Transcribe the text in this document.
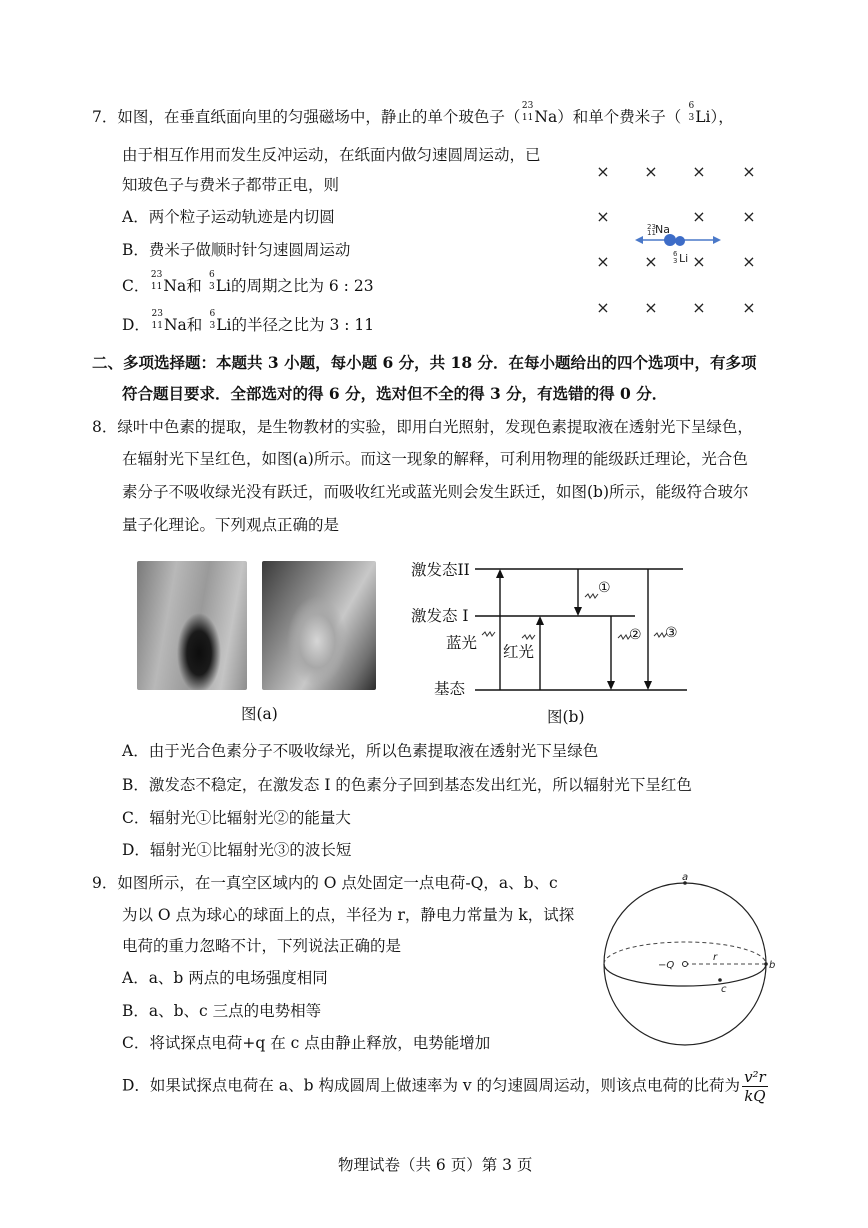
7．如图，在垂直纸面向里的匀强磁场中，静止的单个玻色子（
23
11 Na）和单个费米子（
6
3 Li），
由于相互作用而发生反冲运动，在纸面内做匀速圆周运动，已
知玻色子与费米子都带正电，则
A．两个粒子运动轨迹是内切圆
B．费米子做顺时针匀速圆周运动
C．
23
11 Na和
6
3 Li的周期之比为 6 : 23
D．
23
11 Na和
6
3 Li的半径之比为 3 : 11
× × × ×
×	× ×
× × × ×
× × × ×
23
11 Na
6
3 Li
二、多项选择题：本题共 3 小题，每小题 6 分，共 18 分．在每小题给出的四个选项中，有多项
符合题目要求．全部选对的得 6 分，选对但不全的得 3 分，有选错的得 0 分．
8．绿叶中色素的提取，是生物教材的实验，即用白光照射，发现色素提取液在透射光下呈绿色，
在辐射光下呈红色，如图(a)所示。而这一现象的解释，可利用物理的能级跃迁理论，光合色
素分子不吸收绿光没有跃迁，而吸收红光或蓝光则会发生跃迁，如图(b)所示，能级符合玻尔
量子化理论。下列观点正确的是
图(a)
①
② ③
激发态II
激发态 I
蓝光 红光
基态
图(b)
A．由于光合色素分子不吸收绿光，所以色素提取液在透射光下呈绿色
B．激发态不稳定，在激发态 I 的色素分子回到基态发出红光，所以辐射光下呈红色
C．辐射光①比辐射光②的能量大
D．辐射光①比辐射光③的波长短
9．如图所示，在一真空区域内的 O 点处固定一点电荷-Q，a、b、c
为以 O 点为球心的球面上的点，半径为 r，静电力常量为 k，试探
电荷的重力忽略不计，下列说法正确的是
A．a、b 两点的电场强度相同
B．a、b、c 三点的电势相等
C．将试探点电荷+q 在 c 点由静止释放，电势能增加
D．如果试探点电荷在 a、b 构成圆周上做速率为 v 的匀速圆周运动，则该点电荷的比荷为 $\frac{\text{v²r}}{kQ}$
a
b
c
−Q
r
物理试卷（共 6 页）第 3 页
